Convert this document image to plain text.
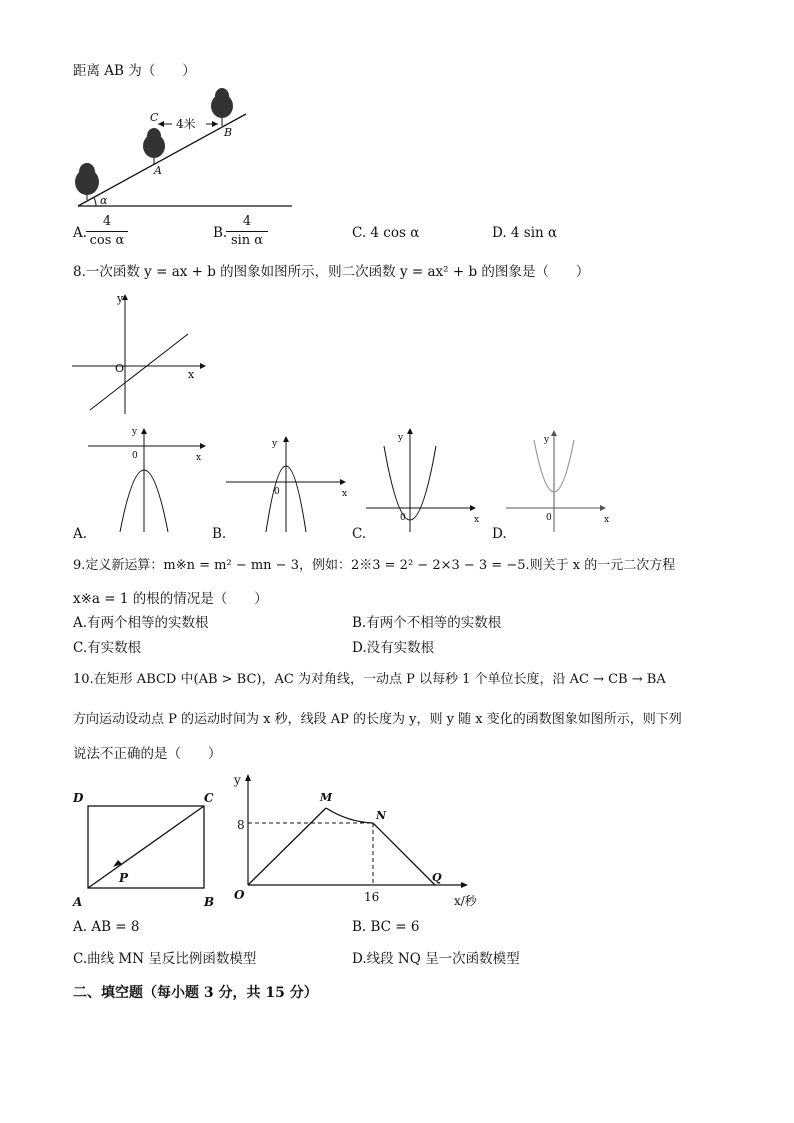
距离 AB 为（　　）
α
4米
C
A
B
A.
4
cos α	B.
4
sin α	C. 4 cos α	D. 4 sin α
8.一次函数 y = ax + b 的图象如图所示，则二次函数 y = ax² + b 的图象是（　　）
y
x
O
y
x
0
y
x
0
y
x
0
y
x
0
A.	B.	C.	D.
9.定义新运算：m※n = m² − mn − 3，例如：2※3 = 2² − 2×3 − 3 = −5.则关于 x 的一元二次方程
x※a = 1 的根的情况是（　　）
A.有两个相等的实数根	B.有两个不相等的实数根
C.有实数根	D.没有实数根
10.在矩形 ABCD 中(AB > BC)，AC 为对角线，一动点 P 以每秒 1 个单位长度，沿 AC → CB → BA
方向运动设动点 P 的运动时间为 x 秒，线段 AP 的长度为 y，则 y 随 x 变化的函数图象如图所示，则下列
说法不正确的是（　　）
D	C
A	B
P
y
M
N
Q
O
8
16	x/秒
A. AB = 8	B. BC = 6
C.曲线 MN 呈反比例函数模型	D.线段 NQ 呈一次函数模型
二、填空题（每小题 3 分，共 15 分）
